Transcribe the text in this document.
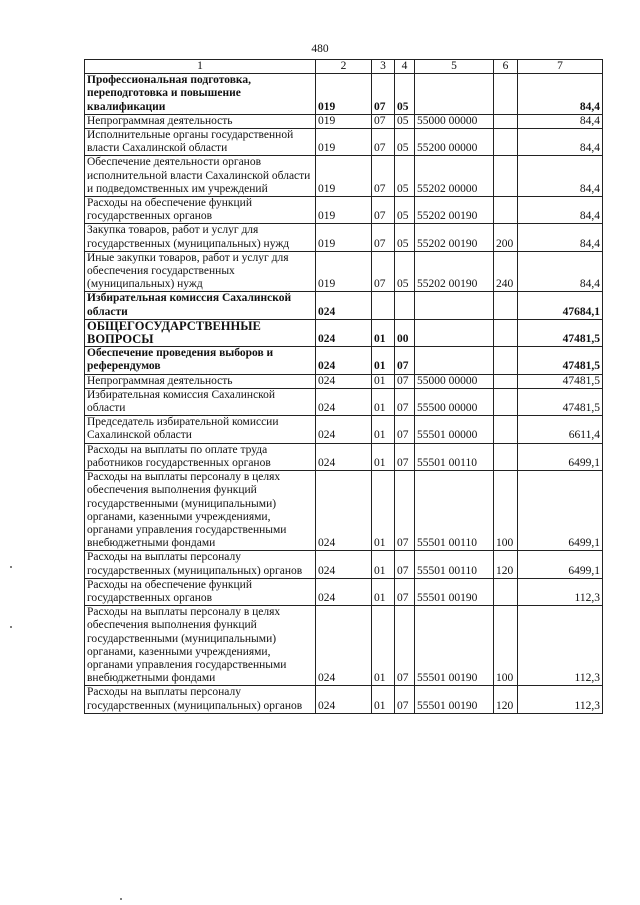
480
1	2	3	4	5	6	7
Профессиональная подготовка, переподготовка и повышение квалификации	019	07	05			84,4
Непрограммная деятельность	019	07	05	55000 00000		84,4
Исполнительные органы государственной власти Сахалинской области	019	07	05	55200 00000		84,4
Обеспечение деятельности органов исполнительной власти Сахалинской области и подведомственных им учреждений	019	07	05	55202 00000		84,4
Расходы на обеспечение функций государственных органов	019	07	05	55202 00190		84,4
Закупка товаров, работ и услуг для государственных (муниципальных) нужд	019	07	05	55202 00190	200	84,4
Иные закупки товаров, работ и услуг для обеспечения государственных (муниципальных) нужд	019	07	05	55202 00190	240	84,4
Избирательная комиссия Сахалинской области	024					47684,1
ОБЩЕГОСУДАРСТВЕННЫЕ ВОПРОСЫ	024	01	00			47481,5
Обеспечение проведения выборов и референдумов	024	01	07			47481,5
Непрограммная деятельность	024	01	07	55000 00000		47481,5
Избирательная комиссия Сахалинской области	024	01	07	55500 00000		47481,5
Председатель избирательной комиссии Сахалинской области	024	01	07	55501 00000		6611,4
Расходы на выплаты по оплате труда работников государственных органов	024	01	07	55501 00110		6499,1
Расходы на выплаты персоналу в целях обеспечения выполнения функций государственными (муниципальными) органами, казенными учреждениями, органами управления государственными внебюджетными фондами	024	01	07	55501 00110	100	6499,1
Расходы на выплаты персоналу государственных (муниципальных) органов	024	01	07	55501 00110	120	6499,1
Расходы на обеспечение функций государственных органов	024	01	07	55501 00190		112,3
Расходы на выплаты персоналу в целях обеспечения выполнения функций государственными (муниципальными) органами, казенными учреждениями, органами управления государственными внебюджетными фондами	024	01	07	55501 00190	100	112,3
Расходы на выплаты персоналу государственных (муниципальных) органов	024	01	07	55501 00190	120	112,3
